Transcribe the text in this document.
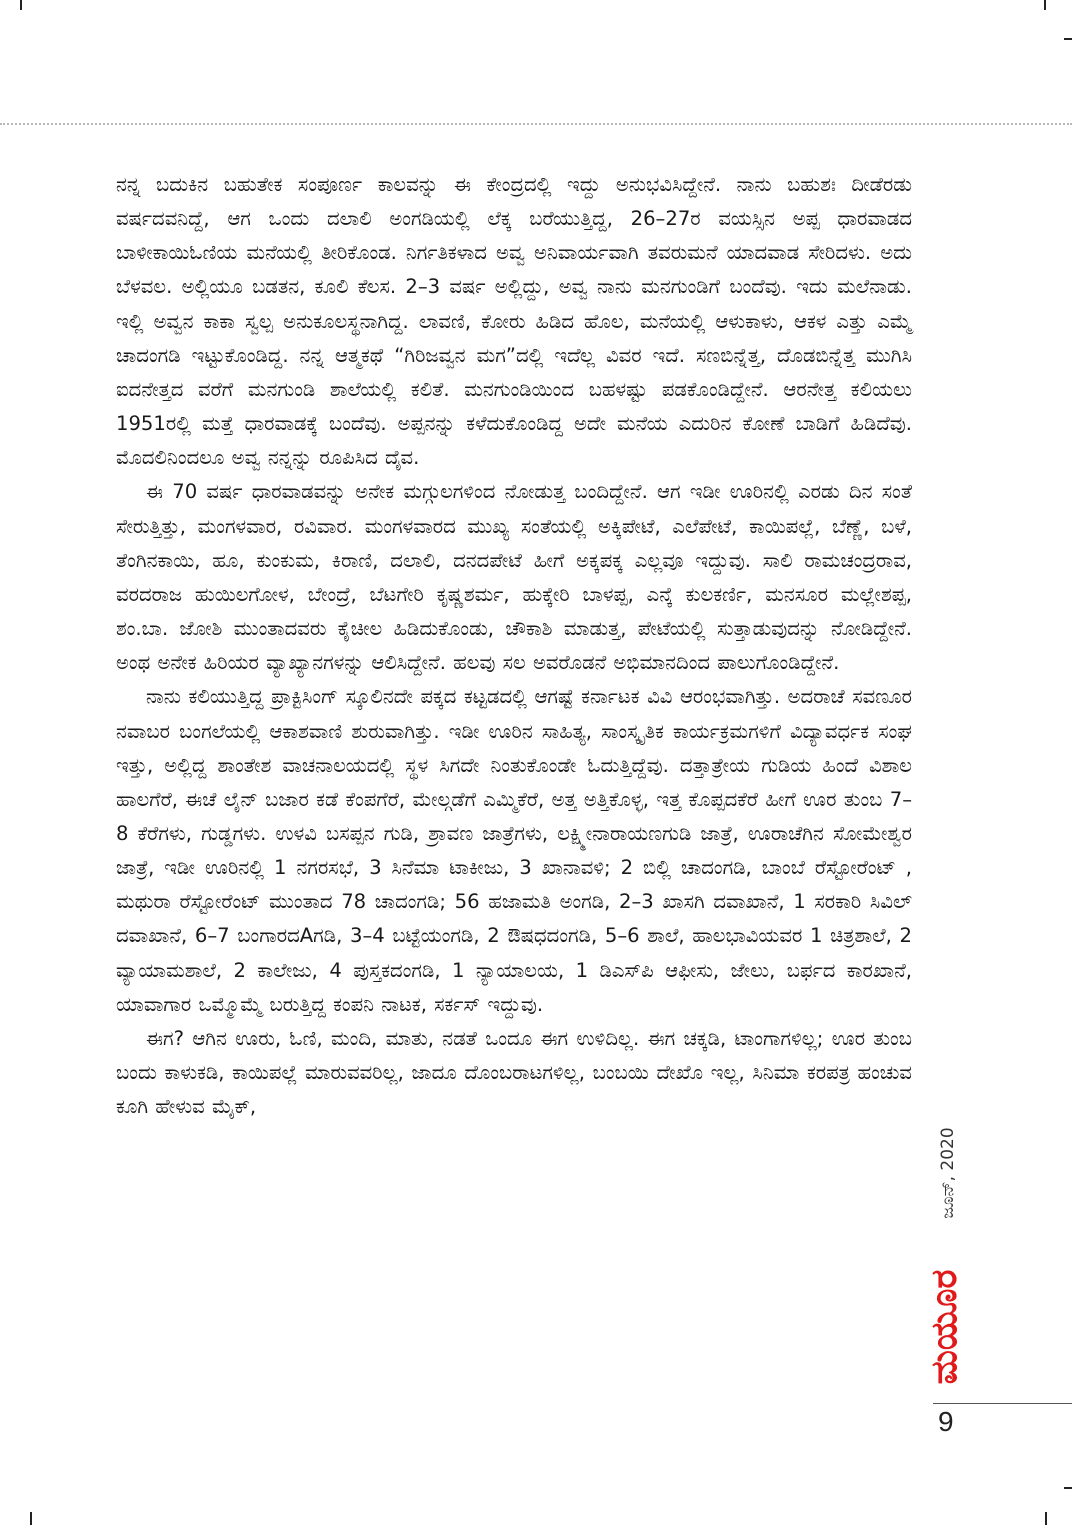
ನನ್ನ ಬದುಕಿನ ಬಹುತೇಕ ಸಂಪೂರ್ಣ ಕಾಲವನ್ನು ಈ ಕೇಂದ್ರದಲ್ಲಿ ಇದ್ದು ಅನುಭವಿಸಿದ್ದೇನೆ. ನಾನು ಬಹುಶಃ ದೀಡೆರಡು ವರ್ಷದವನಿದ್ದೆ, ಆಗ ಒಂದು ದಲಾಲಿ ಅಂಗಡಿಯಲ್ಲಿ ಲೆಕ್ಕ ಬರೆಯುತ್ತಿದ್ದ, 26–27ರ ವಯಸ್ಸಿನ ಅಪ್ಪ ಧಾರವಾಡದ ಬಾಳೀಕಾಯಿಓಣಿಯ ಮನೆಯಲ್ಲಿ ತೀರಿಕೊಂಡ. ನಿರ್ಗತಿಕಳಾದ ಅವ್ವ ಅನಿವಾರ್ಯವಾಗಿ ತವರುಮನೆ ಯಾದವಾಡ ಸೇರಿದಳು. ಅದು ಬೆಳವಲ. ಅಲ್ಲಿಯೂ ಬಡತನ, ಕೂಲಿ ಕೆಲಸ. 2–3 ವರ್ಷ ಅಲ್ಲಿದ್ದು, ಅವ್ವ ನಾನು ಮನಗುಂಡಿಗೆ ಬಂದೆವು. ಇದು ಮಲೆನಾಡು. ಇಲ್ಲಿ ಅವ್ವನ ಕಾಕಾ ಸ್ವಲ್ಪ ಅನುಕೂಲಸ್ಥನಾಗಿದ್ದ. ಲಾವಣಿ, ಕೋರು ಹಿಡಿದ ಹೊಲ, ಮನೆಯಲ್ಲಿ ಆಳುಕಾಳು, ಆಕಳ ಎತ್ತು ಎಮ್ಮೆ ಚಾದಂಗಡಿ ಇಟ್ಟುಕೊಂಡಿದ್ದ. ನನ್ನ ಆತ್ಮಕಥೆ “ಗಿರಿಜವ್ವನ ಮಗ”ದಲ್ಲಿ ಇದೆಲ್ಲ ವಿವರ ಇದೆ. ಸಣಬಿನ್ನೆತ್ತ, ದೊಡಬಿನ್ನೆತ್ತ ಮುಗಿಸಿ ಐದನೇತ್ತದ ವರೆಗೆ ಮನಗುಂಡಿ ಶಾಲೆಯಲ್ಲಿ ಕಲಿತೆ. ಮನಗುಂಡಿಯಿಂದ ಬಹಳಷ್ಟು ಪಡಕೊಂಡಿದ್ದೇನೆ. ಆರನೇತ್ತ ಕಲಿಯಲು 1951ರಲ್ಲಿ ಮತ್ತೆ ಧಾರವಾಡಕ್ಕೆ ಬಂದೆವು. ಅಪ್ಪನನ್ನು ಕಳೆದುಕೊಂಡಿದ್ದ ಅದೇ ಮನೆಯ ಎದುರಿನ ಕೋಣೆ ಬಾಡಿಗೆ ಹಿಡಿದೆವು. ಮೊದಲಿನಿಂದಲೂ ಅವ್ವ ನನ್ನನ್ನು ರೂಪಿಸಿದ ದೈವ.

ಈ 70 ವರ್ಷ ಧಾರವಾಡವನ್ನು ಅನೇಕ ಮಗ್ಗುಲಗಳಿಂದ ನೋಡುತ್ತ ಬಂದಿದ್ದೇನೆ. ಆಗ ಇಡೀ ಊರಿನಲ್ಲಿ ಎರಡು ದಿನ ಸಂತೆ ಸೇರುತ್ತಿತ್ತು, ಮಂಗಳವಾರ, ರವಿವಾರ. ಮಂಗಳವಾರದ ಮುಖ್ಯ ಸಂತೆಯಲ್ಲಿ ಅಕ್ಕಿಪೇಟೆ, ಎಲೆಪೇಟೆ, ಕಾಯಿಪಲ್ಲೆ, ಬೆಣ್ಣೆ, ಬಳೆ, ತೆಂಗಿನಕಾಯಿ, ಹೂ, ಕುಂಕುಮ, ಕಿರಾಣಿ, ದಲಾಲಿ, ದನದಪೇಟೆ ಹೀಗೆ ಅಕ್ಕಪಕ್ಕ ಎಲ್ಲವೂ ಇದ್ದುವು. ಸಾಲಿ ರಾಮಚಂದ್ರರಾವ, ವರದರಾಜ ಹುಯಿಲಗೋಳ, ಬೇಂದ್ರೆ, ಬೆಟಗೇರಿ ಕೃಷ್ಣಶರ್ಮ, ಹುಕ್ಕೇರಿ ಬಾಳಪ್ಪ, ಎನ್ಕೆ ಕುಲಕರ್ಣಿ, ಮನಸೂರ ಮಲ್ಲೇಶಪ್ಪ, ಶಂ.ಬಾ. ಜೋಶಿ ಮುಂತಾದವರು ಕೈಚೀಲ ಹಿಡಿದುಕೊಂಡು, ಚೌಕಾಶಿ ಮಾಡುತ್ತ, ಪೇಟೆಯಲ್ಲಿ ಸುತ್ತಾಡುವುದನ್ನು ನೋಡಿದ್ದೇನೆ. ಅಂಥ ಅನೇಕ ಹಿರಿಯರ ವ್ಯಾಖ್ಯಾನಗಳನ್ನು ಆಲಿಸಿದ್ದೇನೆ. ಹಲವು ಸಲ ಅವರೊಡನೆ ಅಭಿಮಾನದಿಂದ ಪಾಲುಗೊಂಡಿದ್ದೇನೆ.

ನಾನು ಕಲಿಯುತ್ತಿದ್ದ ಪ್ರಾಕ್ಟಿಸಿಂಗ್ ಸ್ಕೂಲಿನದೇ ಪಕ್ಕದ ಕಟ್ಟಡದಲ್ಲಿ ಆಗಷ್ಟೆ ಕರ್ನಾಟಕ ವಿವಿ ಆರಂಭವಾಗಿತ್ತು. ಅದರಾಚೆ ಸವಣೂರ ನವಾಬರ ಬಂಗಲೆಯಲ್ಲಿ ಆಕಾಶವಾಣಿ ಶುರುವಾಗಿತ್ತು. ಇಡೀ ಊರಿನ ಸಾಹಿತ್ಯ, ಸಾಂಸ್ಕೃತಿಕ ಕಾರ್ಯಕ್ರಮಗಳಿಗೆ ವಿದ್ಯಾವರ್ಧಕ ಸಂಘ ಇತ್ತು, ಅಲ್ಲಿದ್ದ ಶಾಂತೇಶ ವಾಚನಾಲಯದಲ್ಲಿ ಸ್ಥಳ ಸಿಗದೇ ನಿಂತುಕೊಂಡೇ ಓದುತ್ತಿದ್ದೆವು. ದತ್ತಾತ್ರೇಯ ಗುಡಿಯ ಹಿಂದೆ ವಿಶಾಲ ಹಾಲಗೆರೆ, ಈಚೆ ಲೈನ್ ಬಜಾರ ಕಡೆ ಕೆಂಪಗೆರೆ, ಮೇಲ್ಗಡೆಗೆ ಎಮ್ಮಿಕೆರೆ, ಅತ್ತ ಅತ್ತಿಕೊಳ್ಳ, ಇತ್ತ ಕೊಪ್ಪದಕೆರೆ ಹೀಗೆ ಊರ ತುಂಬ 7–8 ಕೆರೆಗಳು, ಗುಡ್ಡಗಳು. ಉಳವಿ ಬಸಪ್ಪನ ಗುಡಿ, ಶ್ರಾವಣ ಜಾತ್ರೆಗಳು, ಲಕ್ಷ್ಮೀನಾರಾಯಣಗುಡಿ ಜಾತ್ರೆ, ಊರಾಚೆಗಿನ ಸೋಮೇಶ್ವರ ಜಾತ್ರೆ, ಇಡೀ ಊರಿನಲ್ಲಿ 1 ನಗರಸಭೆ, 3 ಸಿನೆಮಾ ಟಾಕೀಜು, 3 ಖಾನಾವಳಿ; 2 ಬಿಲ್ಲಿ ಚಾದಂಗಡಿ, ಬಾಂಬೆ ರೆಸ್ಟೋರೆಂಟ್ , ಮಥುರಾ ರೆಸ್ಟೋರೆಂಟ್ ಮುಂತಾದ 78 ಚಾದಂಗಡಿ; 56 ಹಜಾಮತಿ ಅಂಗಡಿ, 2–3 ಖಾಸಗಿ ದವಾಖಾನೆ, 1 ಸರಕಾರಿ ಸಿವಿಲ್ ದವಾಖಾನೆ, 6–7 ಬಂಗಾರದAಗಡಿ, 3–4 ಬಟ್ಟೆಯಂಗಡಿ, 2 ಔಷಧದಂಗಡಿ, 5–6 ಶಾಲೆ, ಹಾಲಭಾವಿಯವರ 1 ಚಿತ್ರಶಾಲೆ, 2 ವ್ಯಾಯಾಮಶಾಲೆ, 2 ಕಾಲೇಜು, 4 ಪುಸ್ತಕದಂಗಡಿ, 1 ನ್ಯಾಯಾಲಯ, 1 ಡಿಎಸ್‌ಪಿ ಆಫೀಸು, ಜೇಲು, ಬರ್ಫದ ಕಾರಖಾನೆ, ಯಾವಾಗಾರ ಒಮ್ಮೊಮ್ಮೆ ಬರುತ್ತಿದ್ದ ಕಂಪನಿ ನಾಟಕ, ಸರ್ಕಸ್ ಇದ್ದುವು.

ಈಗ? ಆಗಿನ ಊರು, ಓಣಿ, ಮಂದಿ, ಮಾತು, ನಡತೆ ಒಂದೂ ಈಗ ಉಳಿದಿಲ್ಲ. ಈಗ ಚಕ್ಕಡಿ, ಟಾಂಗಾಗಳಿಲ್ಲ; ಊರ ತುಂಬ ಬಂದು ಕಾಳುಕಡಿ, ಕಾಯಿಪಲ್ಲೆ ಮಾರುವವರಿಲ್ಲ, ಜಾದೂ ದೊಂಬರಾಟಗಳಿಲ್ಲ, ಬಂಬಯಿ ದೇಖೊ ಇಲ್ಲ, ಸಿನಿಮಾ ಕರಪತ್ರ ಹಂಚುವ ಕೂಗಿ ಹೇಳುವ ಮೈಕ್,

ಜೂನ್, 2020
ಮಯೂರ
9
